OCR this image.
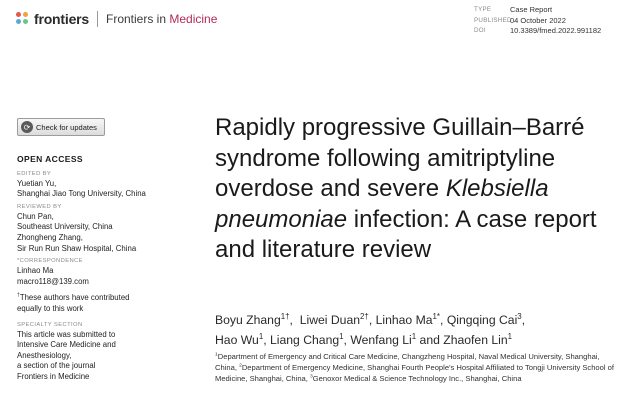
frontiers Frontiers in Medicine
TYPE	Case Report
PUBLISHED
04 October 2022
DOI	10.3389/fmed.2022.991182
⟳ Check for updates
OPEN ACCESS
EDITED BY
Yuetian Yu,
Shanghai Jiao Tong University, China
REVIEWED BY
Chun Pan,
Southeast University, China
Zhongheng Zhang,
Sir Run Run Shaw Hospital, China
*CORRESPONDENCE
Linhao Ma
macro118@139.com
†These authors have contributed
equally to this work
SPECIALTY SECTION
This article was submitted to
Intensive Care Medicine and
Anesthesiology,
a section of the journal
Frontiers in Medicine
Rapidly progressive Guillain–Barré syndrome following amitriptyline overdose and severe Klebsiella pneumoniae infection: A case report and literature review
Boyu Zhang$^{1\dagger}$,  Liwei Duan$^{2\dagger}$, Linhao $Ma^{1*}$, Qingqing Cai$^3$,
Hao Wu$^1$, Liang Chang$^1$, Wenfang Li$^1$ and Zhaofen Lin$^1$
$^1$Department of Emergency and Critical Care Medicine, Changzheng Hospital, Naval Medical University, Shanghai, China, $^2$Department of Emergency Medicine, Shanghai Fourth People's Hospital Affiliated to Tongji University School of Medicine, Shanghai, China, $^3$Genoxor Medical & Science Technology Inc., Shanghai, China
